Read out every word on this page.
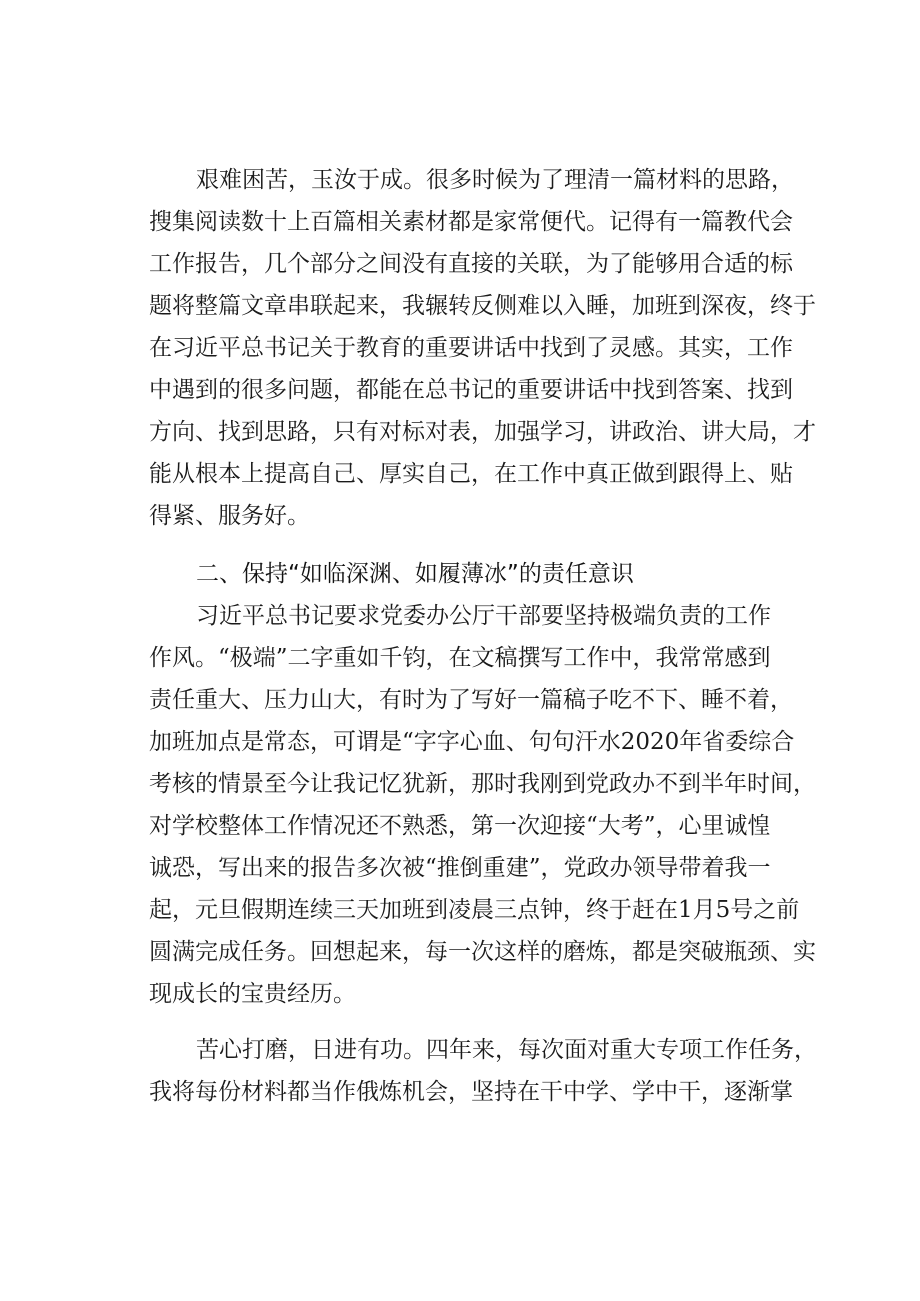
艰难困苦，玉汝于成。很多时候为了理清一篇材料的思路，
搜集阅读数十上百篇相关素材都是家常便代。记得有一篇教代会
工作报告，几个部分之间没有直接的关联，为了能够用合适的标
题将整篇文章串联起来，我辗转反侧难以入睡，加班到深夜，终于
在习近平总书记关于教育的重要讲话中找到了灵感。其实，工作
中遇到的很多问题，都能在总书记的重要讲话中找到答案、找到
方向、找到思路，只有对标对表，加强学习，讲政治、讲大局，才
能从根本上提高自己、厚实自己，在工作中真正做到跟得上、贴
得紧、服务好。
二、保持“如临深渊、如履薄冰”的责任意识
习近平总书记要求党委办公厅干部要坚持极端负责的工作
作风。“极端”二字重如千钧，在文稿撰写工作中，我常常感到
责任重大、压力山大，有时为了写好一篇稿子吃不下、睡不着，
加班加点是常态，可谓是“字字心血、句句汗水2020年省委综合
考核的情景至今让我记忆犹新，那时我刚到党政办不到半年时间，
对学校整体工作情况还不熟悉，第一次迎接“大考”，心里诚惶
诚恐，写出来的报告多次被“推倒重建”，党政办领导带着我一
起，元旦假期连续三天加班到凌晨三点钟，终于赶在1月5号之前
圆满完成任务。回想起来，每一次这样的磨炼，都是突破瓶颈、实
现成长的宝贵经历。
苦心打磨，日进有功。四年来，每次面对重大专项工作任务，
我将每份材料都当作俄炼机会，坚持在干中学、学中干，逐渐掌
